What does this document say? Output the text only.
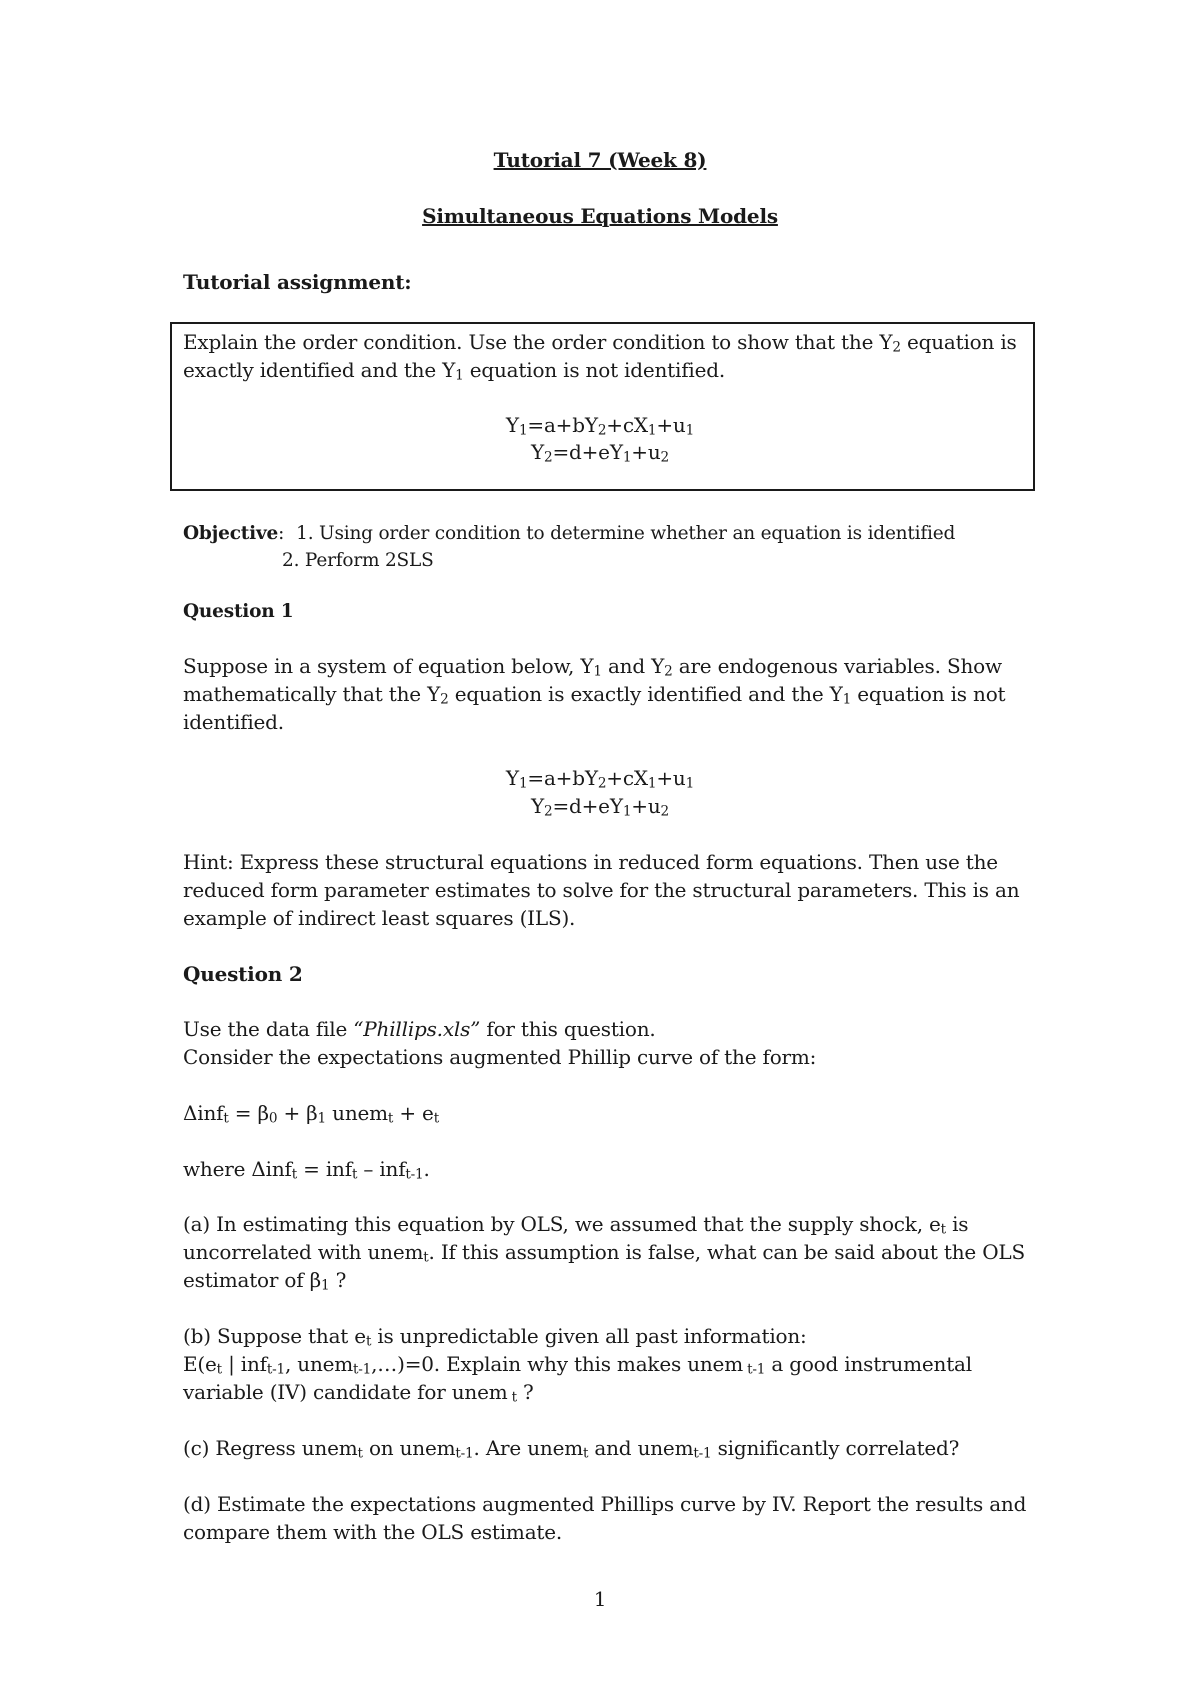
Tutorial 7 (Week 8)
Simultaneous Equations Models
Tutorial assignment:
Explain the order condition. Use the order condition to show that the $Y_2$ equation is
exactly identified and the $Y_1$ equation is not identified.
$Y_1=a+bY_2+cX_1+u_1$
$Y_2=d+eY_1+u_2$
Objective: 1. Using order condition to determine whether an equation is identified
2. Perform 2SLS
Question 1
Suppose in a system of equation below, $Y_1$ and $Y_2$ are endogenous variables. Show
mathematically that the $Y_2$ equation is exactly identified and the $Y_1$ equation is not
identified.
$Y_1=a+bY_2+cX_1+u_1$
$Y_2=d+eY_1+u_2$
Hint: Express these structural equations in reduced form equations. Then use the
reduced form parameter estimates to solve for the structural parameters. This is an
example of indirect least squares (ILS).
Question 2
Use the data file “Phillips.xls” for this question.
Consider the expectations augmented Phillip curve of the form:
$\Delta inf_t = \beta_0 + \beta_1$ unem$_t$ + $e_t$
where Δinf$_t$ = inf$_t$ – inf$_{t-1}$.
(a) In estimating this equation by OLS, we assumed that the supply shock, $e_t$ is
uncorrelated with unem$_t$. If this assumption is false, what can be said about the OLS
estimator of $\beta_1$ ?
(b) Suppose that $e_t$ is unpredictable given all past information:
$E(e_t$ | inf$_{t-1}$, unem$_{t-1}$,…)=0. Explain why this makes unem $_{t-1}$ a good instrumental
variable (IV) candidate for unem $_t$ ?
(c) Regress unem$_t$ on unem$_{t-1}$. Are unem$_t$ and unem$_{t-1}$ significantly correlated?
(d) Estimate the expectations augmented Phillips curve by IV. Report the results and
compare them with the OLS estimate.
1
